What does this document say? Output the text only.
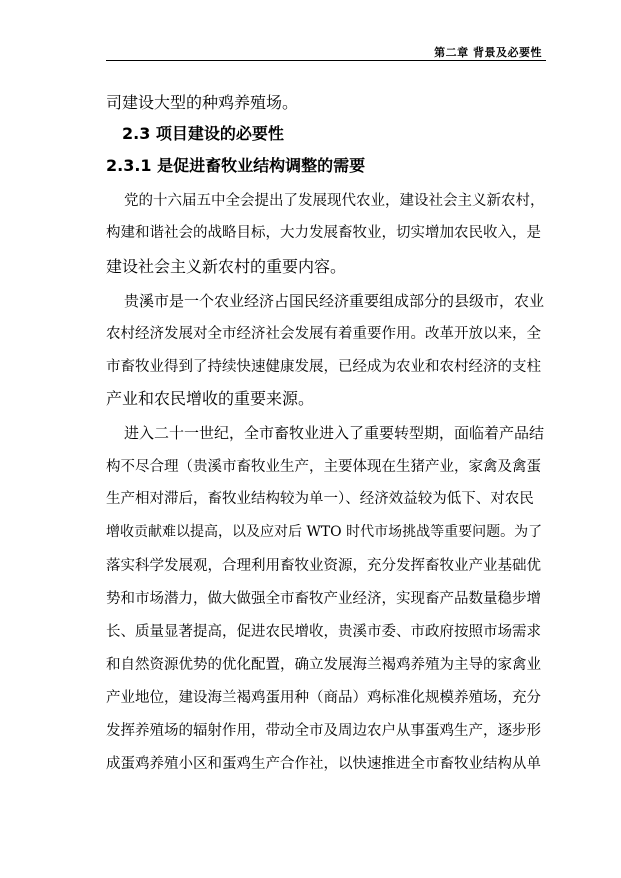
第二章 背景及必要性
司建设大型的种鸡养殖场。
2.3 项目建设的必要性
2.3.1 是促进畜牧业结构调整的需要
党的十六届五中全会提出了发展现代农业，建设社会主义新农村，
构建和谐社会的战略目标，大力发展畜牧业，切实增加农民收入，是
建设社会主义新农村的重要内容。
贵溪市是一个农业经济占国民经济重要组成部分的县级市，农业
农村经济发展对全市经济社会发展有着重要作用。改革开放以来，全
市畜牧业得到了持续快速健康发展，已经成为农业和农村经济的支柱
产业和农民增收的重要来源。
进入二十一世纪，全市畜牧业进入了重要转型期，面临着产品结
构不尽合理（贵溪市畜牧业生产，主要体现在生猪产业，家禽及禽蛋
生产相对滞后，畜牧业结构较为单一）、经济效益较为低下、对农民
增收贡献难以提高，以及应对后 WTO 时代市场挑战等重要问题。为了
落实科学发展观，合理利用畜牧业资源，充分发挥畜牧业产业基础优
势和市场潜力，做大做强全市畜牧产业经济，实现畜产品数量稳步增
长、质量显著提高，促进农民增收，贵溪市委、市政府按照市场需求
和自然资源优势的优化配置，确立发展海兰褐鸡养殖为主导的家禽业
产业地位，建设海兰褐鸡蛋用种（商品）鸡标准化规模养殖场，充分
发挥养殖场的辐射作用，带动全市及周边农户从事蛋鸡生产，逐步形
成蛋鸡养殖小区和蛋鸡生产合作社，以快速推进全市畜牧业结构从单
